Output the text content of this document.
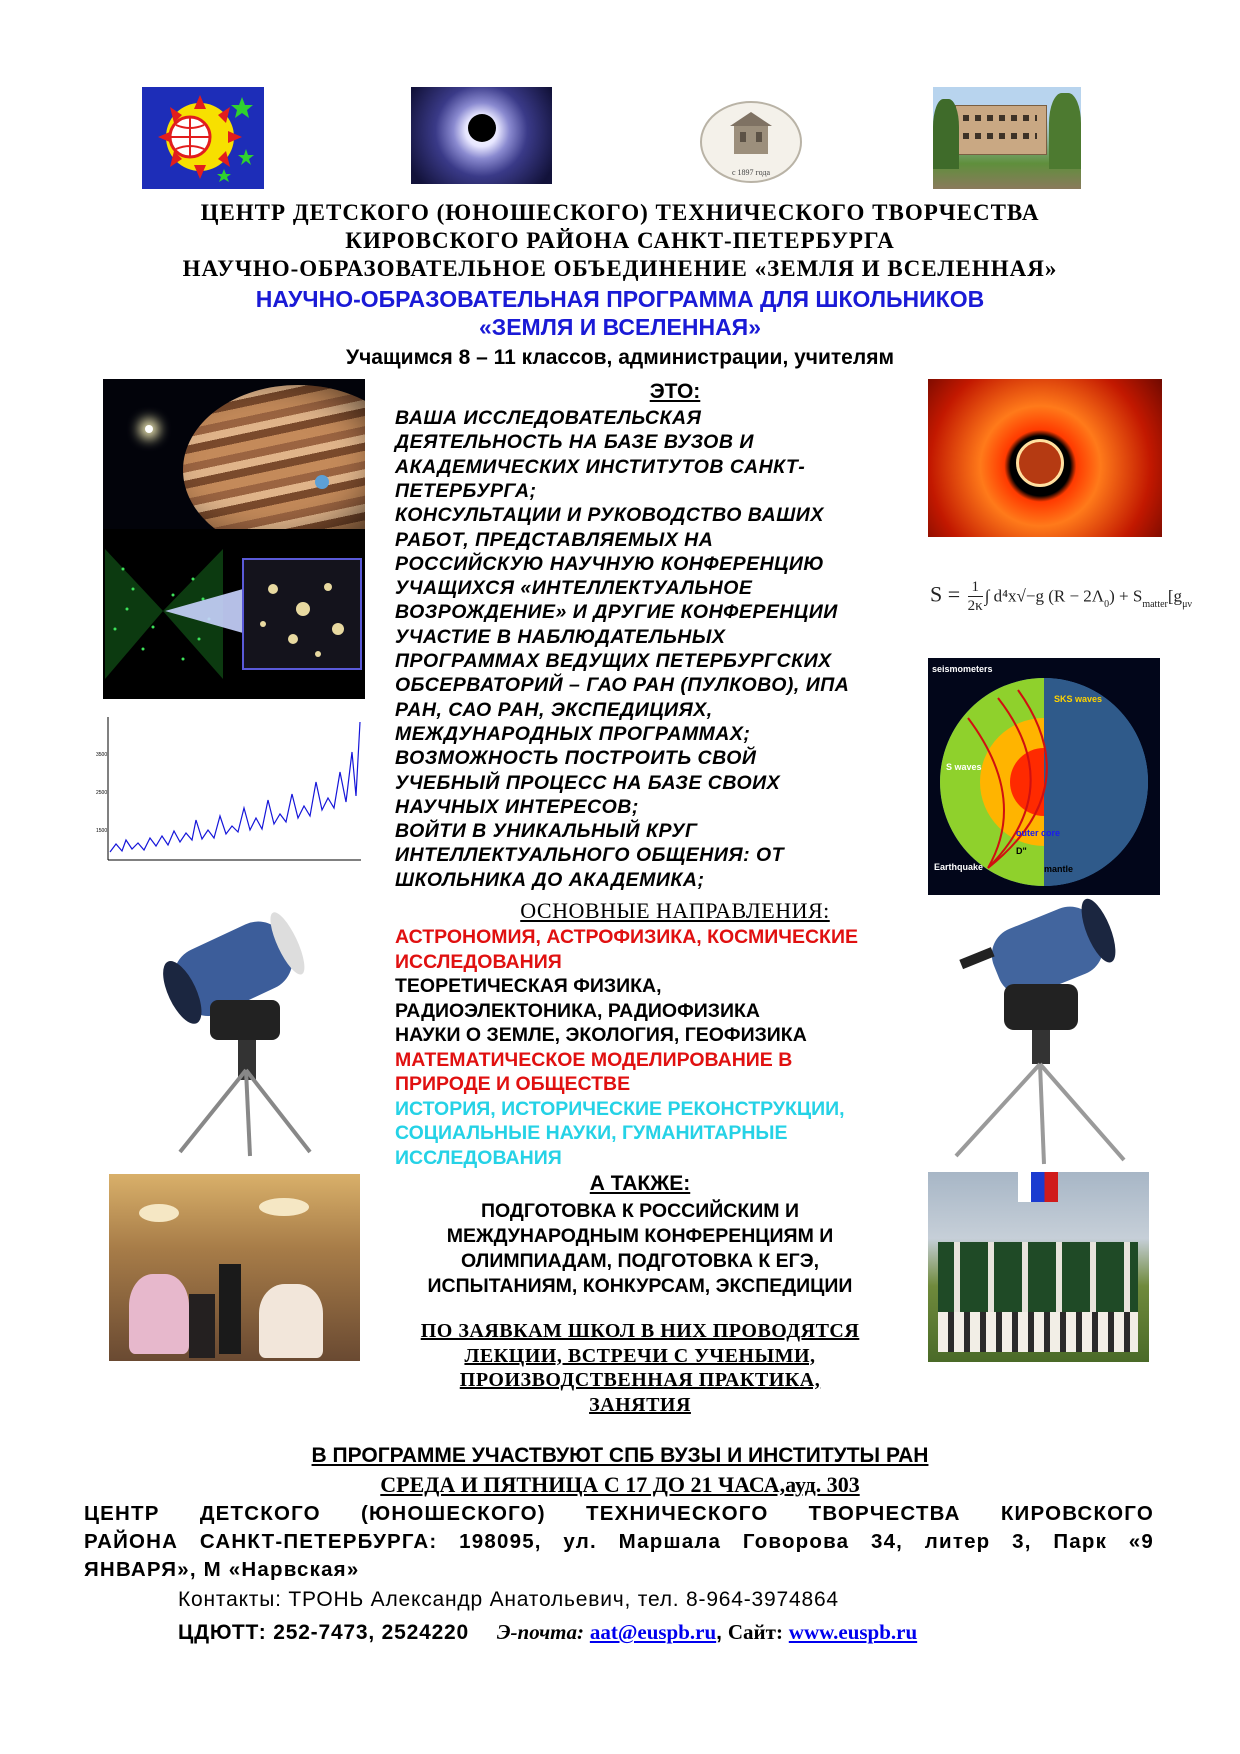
с 1897 года
ЦЕНТР ДЕТСКОГО (ЮНОШЕСКОГО) ТЕХНИЧЕСКОГО ТВОРЧЕСТВА
КИРОВСКОГО РАЙОНА САНКТ-ПЕТЕРБУРГА
НАУЧНО-ОБРАЗОВАТЕЛЬНОЕ ОБЪЕДИНЕНИЕ «ЗЕМЛЯ И ВСЕЛЕННАЯ»
НАУЧНО-ОБРАЗОВАТЕЛЬНАЯ ПРОГРАММА ДЛЯ ШКОЛЬНИКОВ
«ЗЕМЛЯ И ВСЕЛЕННАЯ»
Учащимся 8 – 11 классов, администрации, учителям
1500
2500
3500
$S = \frac{1}{2\kappa}$ ∫ d⁴x√−g $(R - 2\Lambda_0) + S_{matter}[g_{\mu\nu}$
seismometers
SKS waves
S waves
outer core
D"
Earthquake	mantle
ЭТО:
ВАША ИССЛЕДОВАТЕЛЬСКАЯ
ДЕЯТЕЛЬНОСТЬ НА БАЗЕ ВУЗОВ И
АКАДЕМИЧЕСКИХ ИНСТИТУТОВ САНКТ-
ПЕТЕРБУРГА;
КОНСУЛЬТАЦИИ И РУКОВОДСТВО ВАШИХ
РАБОТ, ПРЕДСТАВЛЯЕМЫХ НА
РОССИЙСКУЮ НАУЧНУЮ КОНФЕРЕНЦИЮ
УЧАЩИХСЯ «ИНТЕЛЛЕКТУАЛЬНОЕ
ВОЗРОЖДЕНИЕ» И ДРУГИЕ КОНФЕРЕНЦИИ
УЧАСТИЕ В НАБЛЮДАТЕЛЬНЫХ
ПРОГРАММАХ ВЕДУЩИХ ПЕТЕРБУРГСКИХ
ОБСЕРВАТОРИЙ – ГАО РАН (ПУЛКОВО), ИПА
РАН, САО РАН, ЭКСПЕДИЦИЯХ,
МЕЖДУНАРОДНЫХ ПРОГРАММАХ;
ВОЗМОЖНОСТЬ ПОСТРОИТЬ СВОЙ
УЧЕБНЫЙ ПРОЦЕСС НА БАЗЕ СВОИХ
НАУЧНЫХ ИНТЕРЕСОВ;
ВОЙТИ В УНИКАЛЬНЫЙ КРУГ
ИНТЕЛЛЕКТУАЛЬНОГО ОБЩЕНИЯ: ОТ
ШКОЛЬНИКА ДО АКАДЕМИКА;
ОСНОВНЫЕ НАПРАВЛЕНИЯ:
АСТРОНОМИЯ, АСТРОФИЗИКА, КОСМИЧЕСКИЕ
ИССЛЕДОВАНИЯ
ТЕОРЕТИЧЕСКАЯ ФИЗИКА,
РАДИОЭЛЕКТОНИКА, РАДИОФИЗИКА
НАУКИ О ЗЕМЛЕ, ЭКОЛОГИЯ, ГЕОФИЗИКА
МАТЕМАТИЧЕСКОЕ МОДЕЛИРОВАНИЕ В
ПРИРОДЕ И ОБЩЕСТВЕ
ИСТОРИЯ, ИСТОРИЧЕСКИЕ РЕКОНСТРУКЦИИ,
СОЦИАЛЬНЫЕ НАУКИ, ГУМАНИТАРНЫЕ
ИССЛЕДОВАНИЯ
А ТАКЖЕ:
ПОДГОТОВКА К РОССИЙСКИМ И
МЕЖДУНАРОДНЫМ КОНФЕРЕНЦИЯМ И
ОЛИМПИАДАМ, ПОДГОТОВКА К ЕГЭ,
ИСПЫТАНИЯМ, КОНКУРСАМ, ЭКСПЕДИЦИИ
ПО ЗАЯВКАМ ШКОЛ В НИХ ПРОВОДЯТСЯ
ЛЕКЦИИ, ВСТРЕЧИ С УЧЕНЫМИ,
ПРОИЗВОДСТВЕННАЯ ПРАКТИКА,
ЗАНЯТИЯ
В ПРОГРАММЕ УЧАСТВУЮТ СПБ ВУЗЫ И ИНСТИТУТЫ РАН
СРЕДА И ПЯТНИЦА С 17 ДО 21 ЧАСА,ауд. 303
ЦЕНТР ДЕТСКОГО (ЮНОШЕСКОГО) ТЕХНИЧЕСКОГО ТВОРЧЕСТВА КИРОВСКОГО
РАЙОНА САНКТ-ПЕТЕРБУРГА: 198095, ул. Маршала Говорова 34, литер 3, Парк «9
ЯНВАРЯ», М «Нарвская»
Контакты: ТРОНЬ Александр Анатольевич, тел. 8-964-3974864
ЦДЮТТ: 252-7473, 2524220 Э-почта: aat@euspb.ru, Сайт: www.euspb.ru
